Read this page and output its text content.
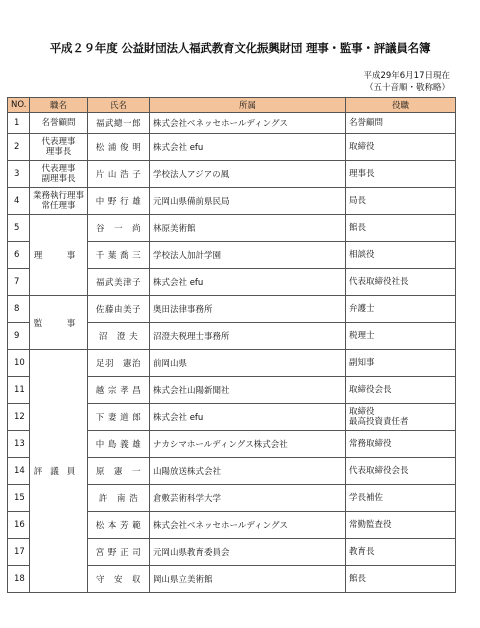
平成２９年度 公益財団法人福武教育文化振興財団 理事・監事・評議員名簿
平成29年6月17日現在
（五十音順・敬称略）
NO.	職名	氏名	所属	役職
1	名誉顧問	福武總一郎	株式会社ベネッセホールディングス	名誉顧問
2	代表理事
理事長	松 浦 俊 明	株式会社 efu	取締役
3	代表理事
副理事長	片 山 浩 子	学校法人アジアの風	理事長
4	業務執行理事
常任理事	中 野 行 雄	元岡山県備前県民局	局長
5	理　事	谷　一　尚	林原美術館	館長
6		千 葉 喬 三	学校法人加計学園	相談役
7		福武美津子	株式会社 efu	代表取締役社長
8	監　事	佐藤由美子	奥田法律事務所	弁護士
9		沼　澄 夫	沼澄夫税理士事務所	税理士
10	評議員	足羽　憲治	前岡山県	副知事
11		越 宗 孝 昌	株式会社山陽新聞社	取締役会長
12		下 妻 道 郎	株式会社 efu	取締役
最高投資責任者
13		中 島 義 雄	ナカシマホールディングス株式会社	常務取締役
14		原　憲　一	山陽放送株式会社	代表取締役会長
15		許　南 浩	倉敷芸術科学大学	学長補佐
16		松 本 芳 範	株式会社ベネッセホールディングス	常勤監査役
17		宮 野 正 司	元岡山県教育委員会	教育長
18		守　安　収	岡山県立美術館	館長
